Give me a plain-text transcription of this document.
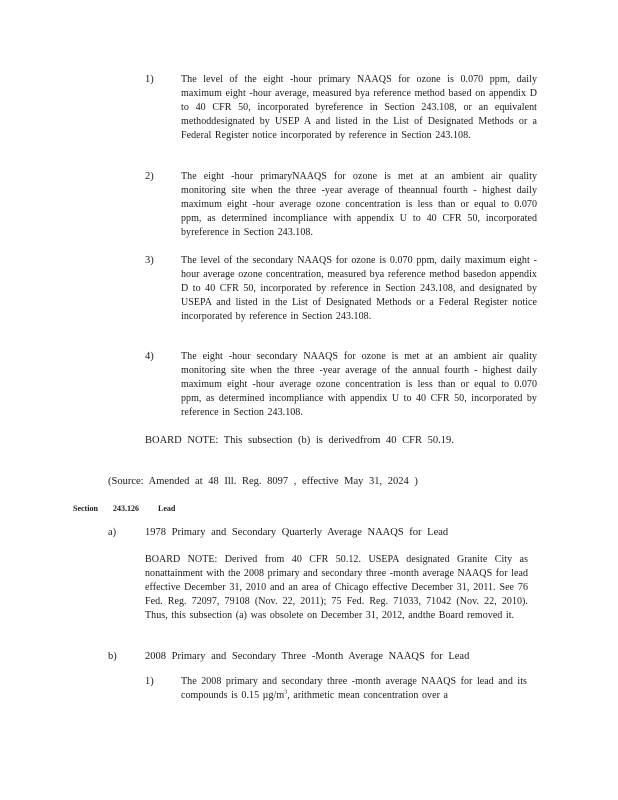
1)	The level of the eight -hour primary NAAQS for ozone is 0.070 ppm, daily maximum eight -hour average, measured bya reference method based on appendix D to 40 CFR 50, incorporated byreference in Section 243.108, or an equivalent methoddesignated by USEP A and listed in the List of Designated Methods or a Federal Register notice incorporated by reference in Section 243.108.

2)	The eight -hour primaryNAAQS for ozone is met at an ambient air quality monitoring site when the three -year average of theannual fourth - highest daily maximum eight -hour average ozone concentration is less than or equal to 0.070 ppm, as determined incompliance with appendix U to 40 CFR 50, incorporated byreference in Section 243.108.

3)	The level of the secondary NAAQS for ozone is 0.070 ppm, daily maximum eight -hour average ozone concentration, measured bya reference method basedon appendix D to 40 CFR 50, incorporated by reference in Section 243.108, and designated by USEPA and listed in the List of Designated Methods or a Federal Register notice incorporated by reference in Section 243.108.

4)	The eight -hour secondary NAAQS for ozone is met at an ambient air quality monitoring site when the three -year average of the annual fourth - highest daily maximum eight -hour average ozone concentration is less than or equal to 0.070 ppm, as determined incompliance with appendix U to 40 CFR 50, incorporated by reference in Section 243.108.

BOARD NOTE: This subsection (b) is derivedfrom 40 CFR 50.19.

(Source: Amended at 48 Ill. Reg. 8097 , effective May 31, 2024 )

Section 243.126 Lead

a)	1978 Primary and Secondary Quarterly Average NAAQS for Lead

BOARD NOTE: Derived from 40 CFR 50.12. USEPA designated Granite City as nonattainment with the 2008 primary and secondary three -month average NAAQS for lead effective December 31, 2010 and an area of Chicago effective December 31, 2011. See 76 Fed. Reg. 72097, 79108 (Nov. 22, 2011); 75 Fed. Reg. 71033, 71042 (Nov. 22, 2010). Thus, this subsection (a) was obsolete on December 31, 2012, andthe Board removed it.

b)	2008 Primary and Secondary Three -Month Average NAAQS for Lead

1)	The 2008 primary and secondary three -month average NAAQS for lead and its compounds is 0.15 $\mu g/m^3$, arithmetic mean concentration over a
